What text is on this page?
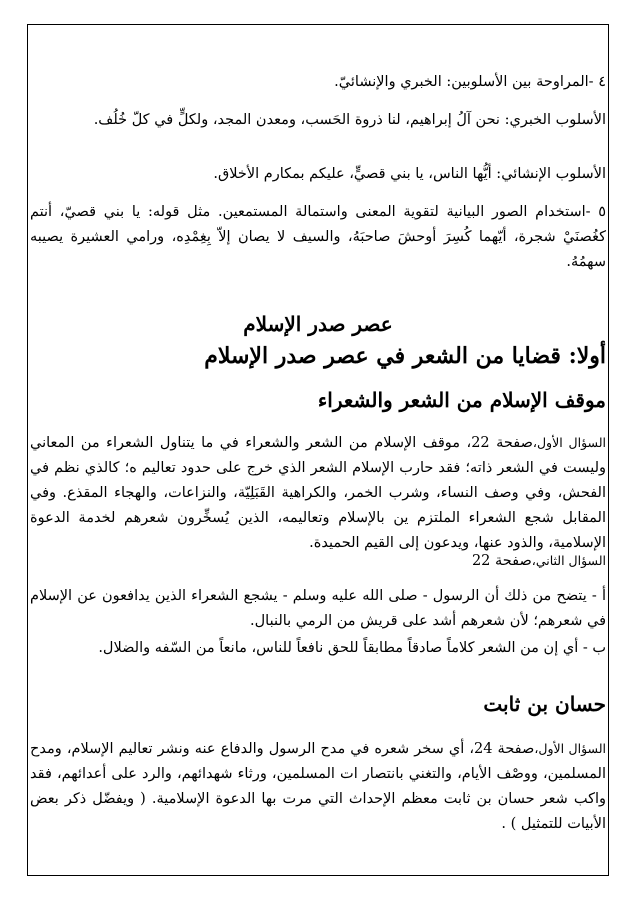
٤ -المراوحة بين الأسلوبين: الخبري والإنشائيّ.
الأسلوب الخبري: نحن آلُ إبراهيم، لنا ذروة الحَسب، ومعدن المجد، ولكلٍّ في كلّ خُلُف.
الأسلوب الإنشائي: أيُّها الناس، يا بني قصيٍّ، عليكم بمكارم الأخلاق.
٥ -استخدام الصور البيانية لتقوية المعنى واستمالة المستمعين. مثل قوله: يا بني قصيّ، أنتم كغُصنَيْ شجرة، أيّهما كُسِرَ أوحشَ صاحبَهُ، والسيف لا يصان إلاّ بِغِمْدِه، ورامي العشيرة يصيبه سهمُهُ.
عصر صدر الإسلام
أولا: قضايا من الشعر في عصر صدر الإسلام
موقف الإسلام من الشعر والشعراء
السؤال الأول،صفحة 22، موقف الإسلام من الشعر والشعراء في ما يتناول الشعراء من المعاني وليست في الشعر ذاته؛ فقد حارب الإسلام الشعر الذي خرج على حدود تعاليم ه؛ كالذي نظم في الفحش، وفي وصف النساء، وشرب الخمر، والكراهية القَبَلِيّة، والنزاعات، والهجاء المقذع. وفي المقابل شجع الشعراء الملتزم ين بالإسلام وتعاليمه، الذين يُسخِّرون شعرهم لخدمة الدعوة الإسلامية، والذود عنها، ويدعون إلى القيم الحميدة.
السؤال الثاني،صفحة 22
أ - يتضح من ذلك أن الرسول - صلى الله عليه وسلم - يشجع الشعراء الذين يدافعون عن الإسلام في شعرهم؛ لأن شعرهم أشد على قريش من الرمي بالنبال.
ب - أي إن من الشعر كلاماً صادقاً مطابقاً للحق نافعاً للناس، مانعاً من السّفه والضلال.
حسان بن ثابت
السؤال الأول،صفحة 24، أي سخر شعره في مدح الرسول والدفاع عنه ونشر تعاليم الإسلام، ومدح المسلمين، ووصْف الأيام، والتغني بانتصار ات المسلمين، ورثاء شهدائهم، والرد على أعدائهم، فقد واكب شعر حسان بن ثابت معظم الإحداث التي مرت بها الدعوة الإسلامية. ( ويفضّل ذكر بعض الأبيات للتمثيل ) .
